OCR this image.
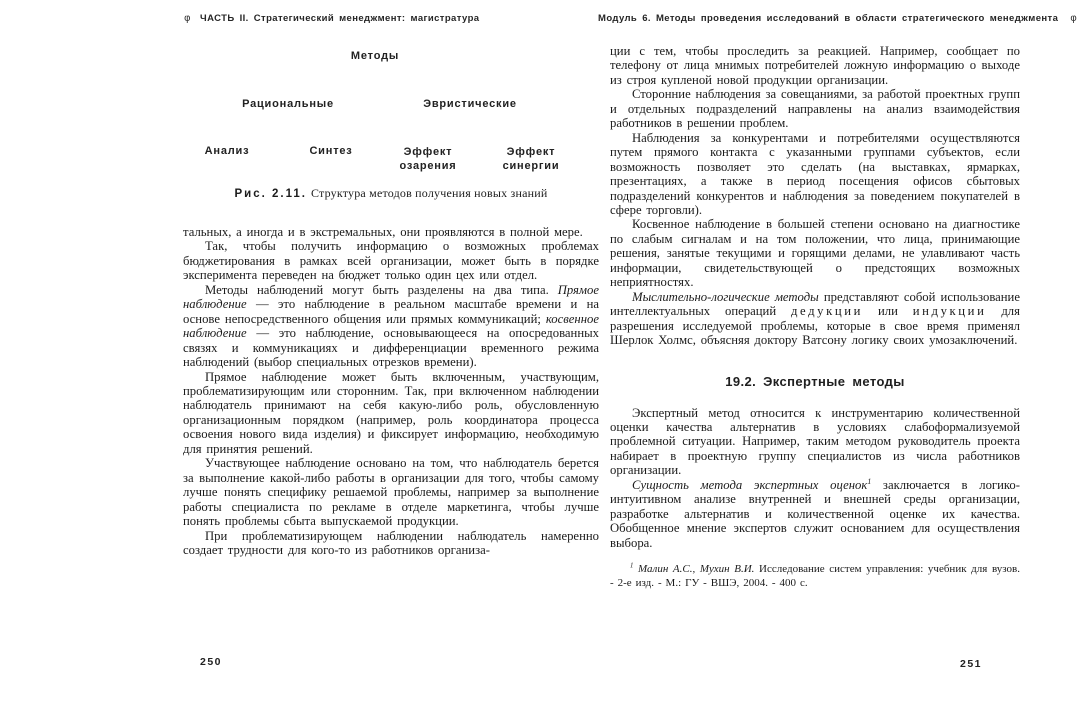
φ ЧАСТЬ II. Стратегический менеджмент: магистратура	Модуль 6. Методы проведения исследований в области стратегического менеджмента φ
Методы
Рациональные	Эвристические
Анализ	Синтез	Эффект озарения
Эффект синергии
Рис. 2.11. Структура методов получения новых знаний

тальных, а иногда и в экстремальных, они проявляются в полной мере.

Так, чтобы получить информацию о возможных проблемах бюджетирования в рамках всей организации, может быть в порядке эксперимента переведен на бюджет только один цех или отдел.

Методы наблюдений могут быть разделены на два типа. Прямое наблюдение — это наблюдение в реальном масштабе времени и на основе непосредственного общения или прямых коммуникаций; косвенное наблюдение — это наблюдение, основывающееся на опосредованных связях и коммуникациях и дифференциации временного режима наблюдений (выбор специальных отрезков времени).

Прямое наблюдение может быть включенным, участвующим, проблематизирующим или сторонним. Так, при включенном наблюдении наблюдатель принимают на себя какую-либо роль, обусловленную организационным порядком (например, роль координатора процесса освоения нового вида изделия) и фиксирует информацию, необходимую для принятия решений.

Участвующее наблюдение основано на том, что наблюдатель берется за выполнение какой-либо работы в организации для того, чтобы самому лучше понять специфику решаемой проблемы, например за выполнение работы специалиста по рекламе в отделе маркетинга, чтобы лучше понять проблемы сбыта выпускаемой продукции.

При проблематизирующем наблюдении наблюдатель намеренно создает трудности для кого-то из работников организа-

ции с тем, чтобы проследить за реакцией. Например, сообщает по телефону от лица мнимых потребителей ложную информацию о выходе из строя купленой новой продукции организации.

Сторонние наблюдения за совещаниями, за работой проектных групп и отдельных подразделений направлены на анализ взаимодействия работников в решении проблем.

Наблюдения за конкурентами и потребителями осуществляются путем прямого контакта с указанными группами субъектов, если возможность позволяет это сделать (на выставках, ярмарках, презентациях, а также в период посещения офисов сбытовых подразделений конкурентов и наблюдения за поведением покупателей в сфере торговли).

Косвенное наблюдение в большей степени основано на диагностике по слабым сигналам и на том положении, что лица, принимающие решения, занятые текущими и горящими делами, не улавливают часть информации, свидетельствующей о предстоящих возможных неприятностях.

Мыслительно-логические методы представляют собой использование интеллектуальных операций дедукции или индукции для разрешения исследуемой проблемы, которые в свое время применял Шерлок Холмс, объясняя доктору Ватсону логику своих умозаключений.

19.2. Экспертные методы

Экспертный метод относится к инструментарию количественной оценки качества альтернатив в условиях слабоформализуемой проблемной ситуации. Например, таким методом руководитель проекта набирает в проектную группу специалистов из числа работников организации.

Сущность метода экспертных оценок$^1$ заключается в логико-интуитивном анализе внутренней и внешней среды организации, разработке альтернатив и количественной оценке их качества. Обобщенное мнение экспертов служит основанием для осуществления выбора.

$^1$ Малин А.С., Мухин В.И. Исследование систем управления: учебник для вузов. - 2-е изд. - М.: ГУ - ВШЭ, 2004. - 400 с.

250	251
